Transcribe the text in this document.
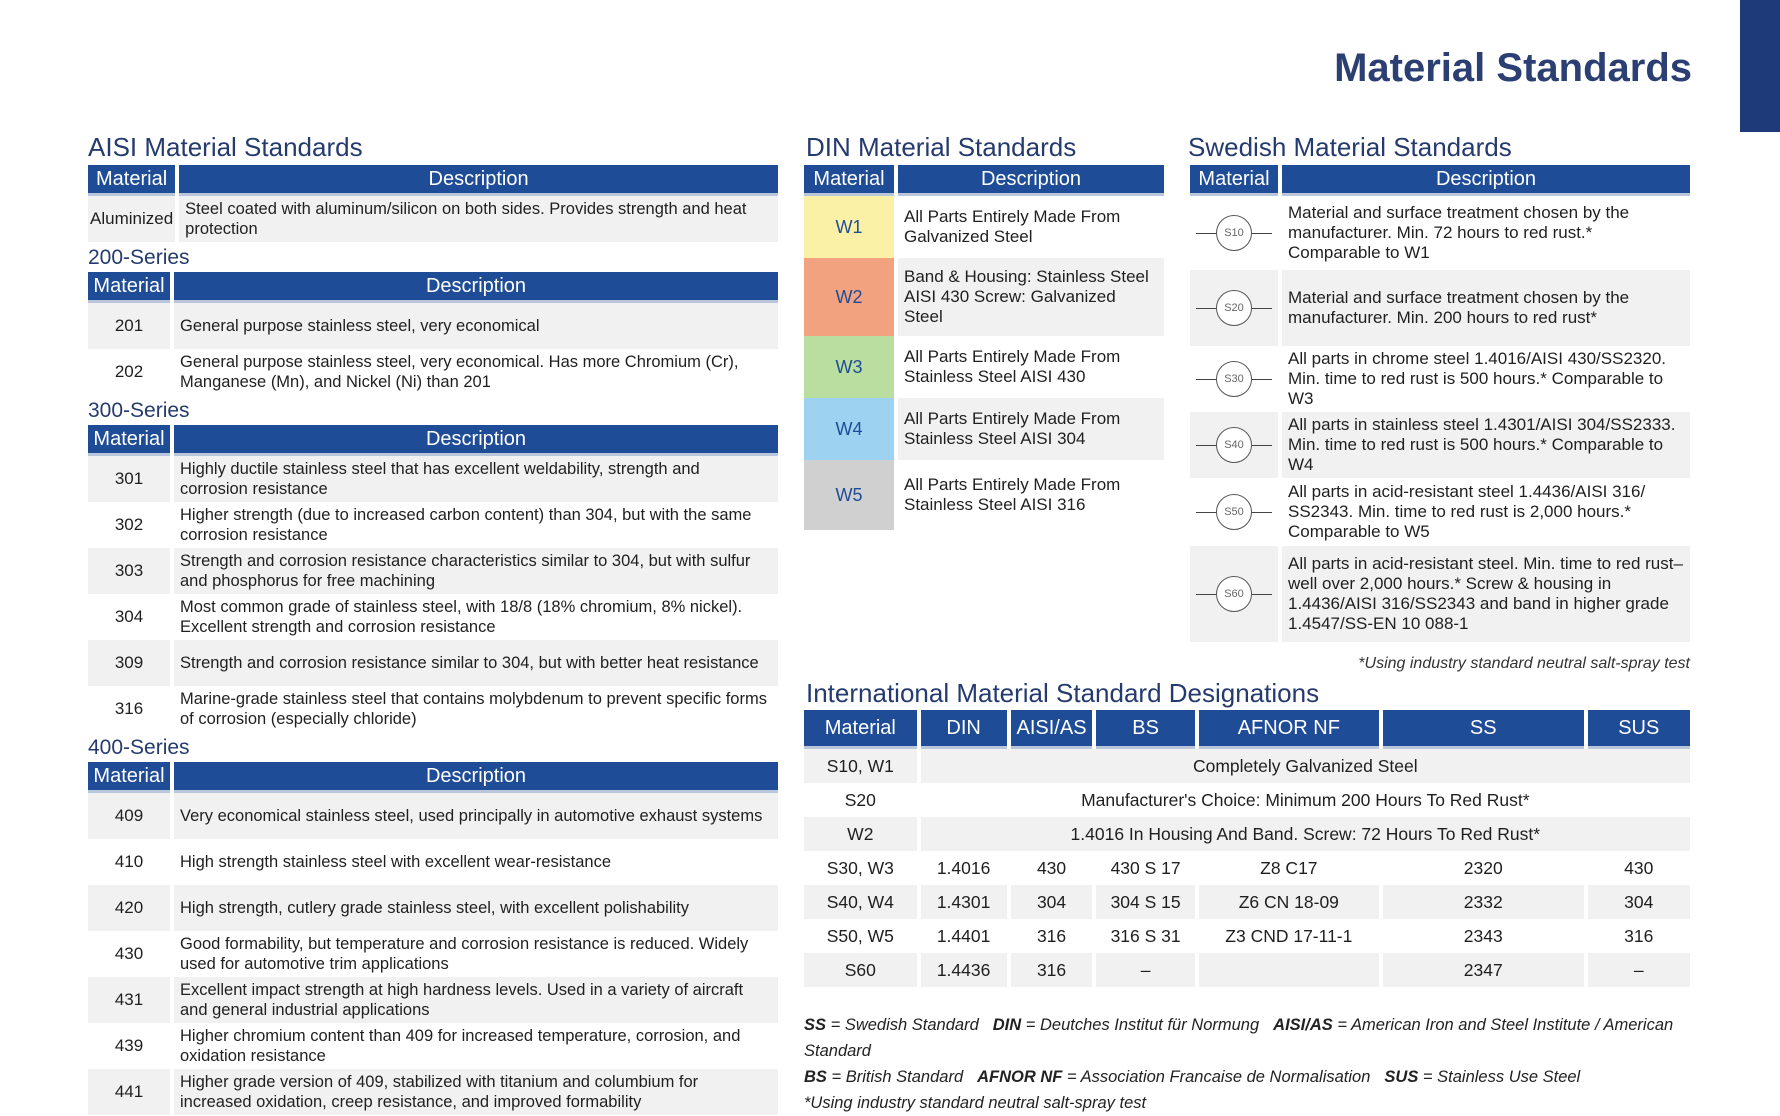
Material Standards
AISI Material Standards
Material	Description
Aluminized	Steel coated with aluminum/silicon on both sides. Provides strength and heat protection
200-Series
Material	Description
201	General purpose stainless steel, very economical
202	General purpose stainless steel, very economical. Has more Chromium (Cr), Manganese (Mn), and Nickel (Ni) than 201
300-Series
Material	Description
301	Highly ductile stainless steel that has excellent weldability, strength and corrosion resistance
302	Higher strength (due to increased carbon content) than 304, but with the same corrosion resistance
303	Strength and corrosion resistance characteristics similar to 304, but with sulfur and phosphorus for free machining
304	Most common grade of stainless steel, with 18/8 (18% chromium, 8% nickel). Excellent strength and corrosion resistance
309	Strength and corrosion resistance similar to 304, but with better heat resistance
316	Marine-grade stainless steel that contains molybdenum to prevent specific forms of corrosion (especially chloride)
400-Series
Material	Description
409	Very economical stainless steel, used principally in automotive exhaust systems
410	High strength stainless steel with excellent wear-resistance
420	High strength, cutlery grade stainless steel, with excellent polishability
430	Good formability, but temperature and corrosion resistance is reduced. Widely used for automotive trim applications
431	Excellent impact strength at high hardness levels. Used in a variety of aircraft and general industrial applications
439	Higher chromium content than 409 for increased temperature, corrosion, and oxidation resistance
441	Higher grade version of 409, stabilized with titanium and columbium for increased oxidation, creep resistance, and improved formability
DIN Material Standards
Material	Description
W1	All Parts Entirely Made From Galvanized Steel
W2	Band & Housing: Stainless Steel AISI 430 Screw: Galvanized Steel
W3	All Parts Entirely Made From Stainless Steel AISI 430
W4	All Parts Entirely Made From Stainless Steel AISI 304
W5	All Parts Entirely Made From Stainless Steel AISI 316
Swedish Material Standards
Material	Description

S10	Material and surface treatment chosen by the manufacturer. Min. 72 hours to red rust.* Comparable to W1

S20	Material and surface treatment chosen by the manufacturer. Min. 200 hours to red rust*

S30	All parts in chrome steel 1.4016/AISI 430/SS2320. Min. time to red rust is 500 hours.* Comparable to W3

S40	All parts in stainless steel 1.4301/AISI 304/SS2333. Min. time to red rust is 500 hours.* Comparable to W4

S50	All parts in acid-resistant steel 1.4436/AISI 316/ SS2343. Min. time to red rust is 2,000 hours.* Comparable to W5

S60	All parts in acid-resistant steel. Min. time to red rust–well over 2,000 hours.* Screw & housing in 1.4436/AISI 316/SS2343 and band in higher grade 1.4547/SS-EN 10 088-1
*Using industry standard neutral salt-spray test
International Material Standard Designations
Material	DIN	AISI/AS	BS	AFNOR NF	SS	SUS
S10, W1	Completely Galvanized Steel					
S20	Manufacturer's Choice: Minimum 200 Hours To Red Rust*					
W2	1.4016 In Housing And Band. Screw: 72 Hours To Red Rust*					
S30, W3	1.4016	430	430 S 17	Z8 C17	2320	430
S40, W4	1.4301	304	304 S 15	Z6 CN 18-09	2332	304
S50, W5	1.4401	316	316 S 31	Z3 CND 17-11-1	2343	316
S60	1.4436	316	–		2347	–
SS = Swedish Standard DIN = Deutches Institut für Normung AISI/AS = American Iron and Steel Institute / American Standard
BS = British Standard AFNOR NF = Association Francaise de Normalisation SUS = Stainless Use Steel
*Using industry standard neutral salt-spray test
